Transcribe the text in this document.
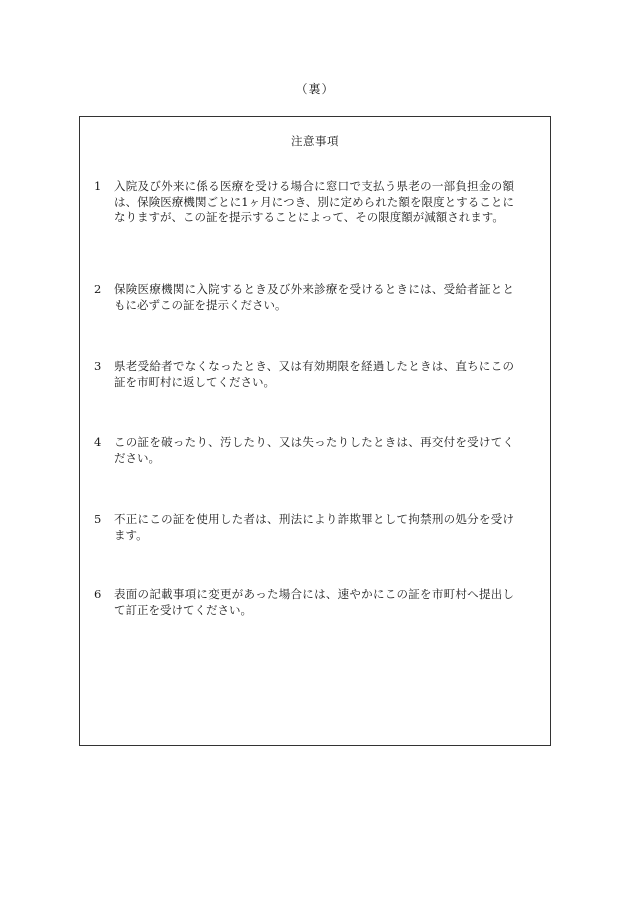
（裏）
注意事項
1	入院及び外来に係る医療を受ける場合に窓口で支払う県老の一部負担金の額は、保険医療機関ごとに1ヶ月につき、別に定められた額を限度とすることになりますが、この証を提示することによって、その限度額が減額されます。
2	保険医療機関に入院するとき及び外来診療を受けるときには、受給者証とともに必ずこの証を提示ください。
3	県老受給者でなくなったとき、又は有効期限を経過したときは、直ちにこの証を市町村に返してください。
4	この証を破ったり、汚したり、又は失ったりしたときは、再交付を受けてください。
5	不正にこの証を使用した者は、刑法により詐欺罪として拘禁刑の処分を受けます。
6	表面の記載事項に変更があった場合には、速やかにこの証を市町村へ提出して訂正を受けてください。
